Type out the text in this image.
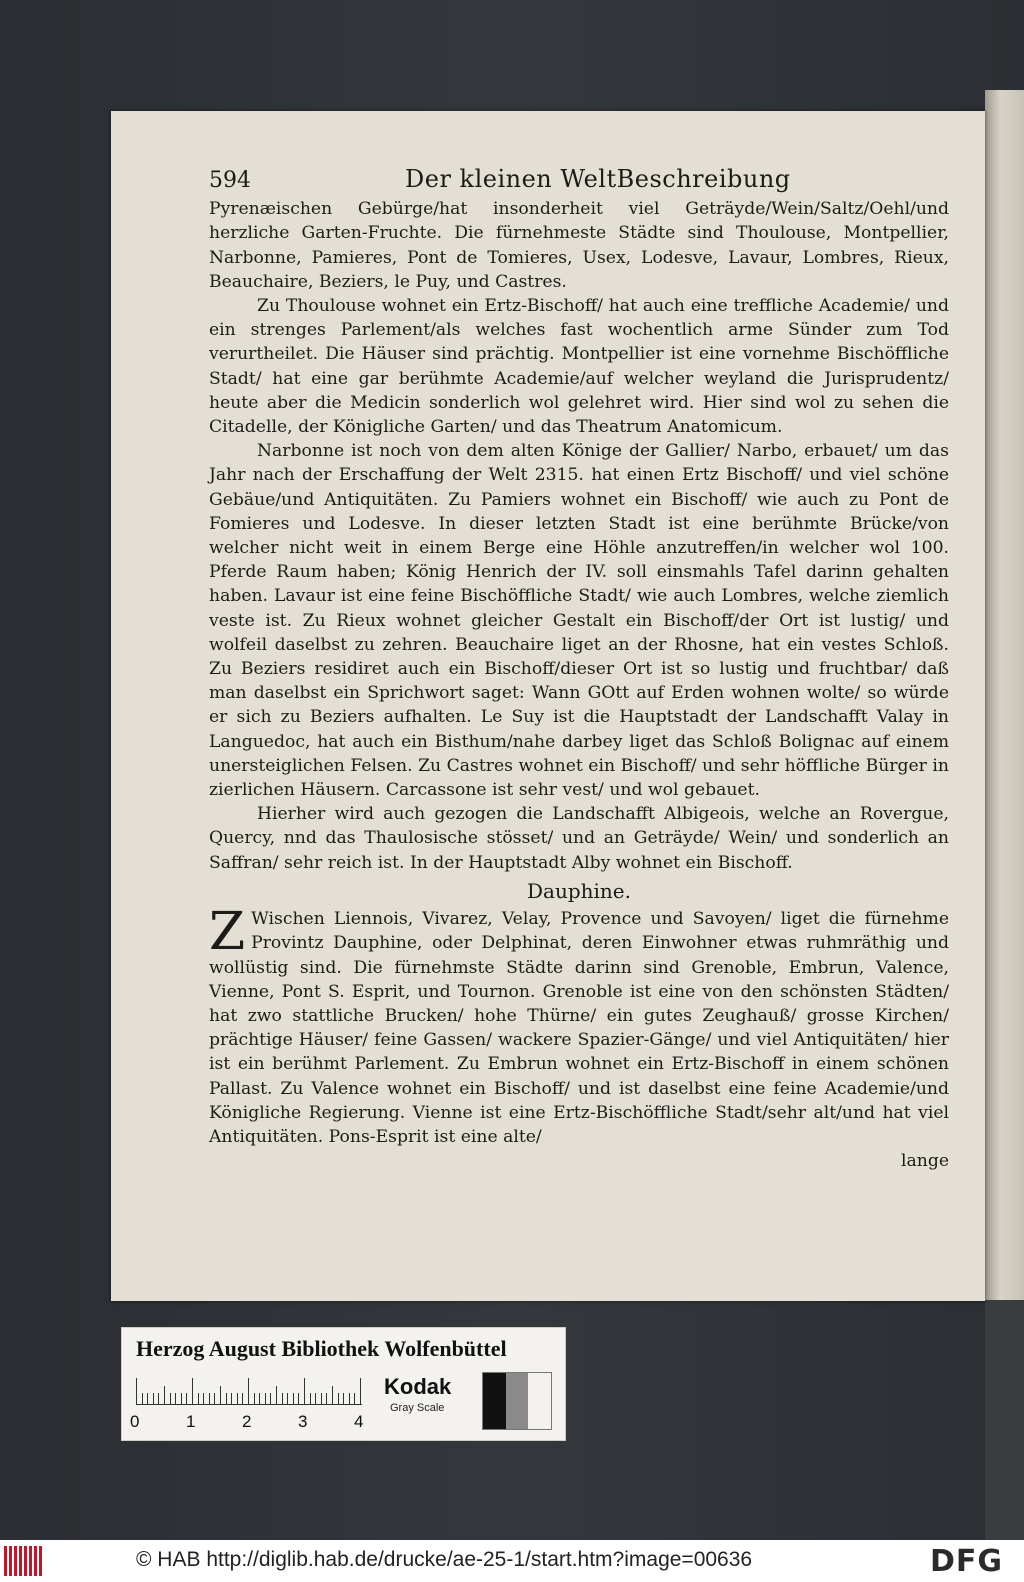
594	Der kleinen WeltBeschreibung

Pyrenæischen Gebürge/hat insonderheit viel Geträyde/Wein/Saltz/Oehl/und herzliche Garten-Fruchte. Die fürnehmeste Städte sind Thoulouse, Montpellier, Narbonne, Pamieres, Pont de Tomieres, Usex, Lodesve, Lavaur, Lombres, Rieux, Beauchaire, Beziers, le Puy, und Castres.

Zu Thoulouse wohnet ein Ertz-Bischoff/ hat auch eine treffliche Academie/ und ein strenges Parlement/als welches fast wochentlich arme Sünder zum Tod verurtheilet. Die Häuser sind prächtig. Montpellier ist eine vornehme Bischöffliche Stadt/ hat eine gar berühmte Academie/auf welcher weyland die Jurisprudentz/ heute aber die Medicin sonderlich wol gelehret wird. Hier sind wol zu sehen die Citadelle, der Königliche Garten/ und das Theatrum Anatomicum.

Narbonne ist noch von dem alten Könige der Gallier/ Narbo, erbauet/ um das Jahr nach der Erschaffung der Welt 2315. hat einen Ertz Bischoff/ und viel schöne Gebäue/und Antiquitäten. Zu Pamiers wohnet ein Bischoff/ wie auch zu Pont de Fomieres und Lodesve. In dieser letzten Stadt ist eine berühmte Brücke/von welcher nicht weit in einem Berge eine Höhle anzutreffen/in welcher wol 100. Pferde Raum haben; König Henrich der IV. soll einsmahls Tafel darinn gehalten haben. Lavaur ist eine feine Bischöffliche Stadt/ wie auch Lombres, welche ziemlich veste ist. Zu Rieux wohnet gleicher Gestalt ein Bischoff/der Ort ist lustig/ und wolfeil daselbst zu zehren. Beauchaire liget an der Rhosne, hat ein vestes Schloß. Zu Beziers residiret auch ein Bischoff/dieser Ort ist so lustig und fruchtbar/ daß man daselbst ein Sprichwort saget: Wann GOtt auf Erden wohnen wolte/ so würde er sich zu Beziers aufhalten. Le Suy ist die Hauptstadt der Landschafft Valay in Languedoc, hat auch ein Bisthum/nahe darbey liget das Schloß Bolignac auf einem unersteiglichen Felsen. Zu Castres wohnet ein Bischoff/ und sehr höffliche Bürger in zierlichen Häusern. Carcassone ist sehr vest/ und wol gebauet.

Hierher wird auch gezogen die Landschafft Albigeois, welche an Rovergue, Quercy, nnd das Thaulosische stösset/ und an Geträyde/ Wein/ und sonderlich an Saffran/ sehr reich ist. In der Hauptstadt Alby wohnet ein Bischoff.

Dauphine.

Z Wischen Liennois, Vivarez, Velay, Provence und Savoyen/ liget die fürnehme Provintz Dauphine, oder Delphinat, deren Einwohner etwas ruhmräthig und wollüstig sind. Die fürnehmste Städte darinn sind Grenoble, Embrun, Valence, Vienne, Pont S. Esprit, und Tournon. Grenoble ist eine von den schönsten Städten/ hat zwo stattliche Brucken/ hohe Thürne/ ein gutes Zeughauß/ grosse Kirchen/ prächtige Häuser/ feine Gassen/ wackere Spazier-Gänge/ und viel Antiquitäten/ hier ist ein berühmt Parlement. Zu Embrun wohnet ein Ertz-Bischoff in einem schönen Pallast. Zu Valence wohnet ein Bischoff/ und ist daselbst eine feine Academie/und Königliche Regierung. Vienne ist eine Ertz-Bischöffliche Stadt/sehr alt/und hat viel Antiquitäten. Pons-Esprit ist eine alte/

lange

Herzog August Bibliothek Wolfenbüttel
0	1	2	3	4
Kodak
Gray Scale
© HAB http://diglib.hab.de/drucke/ae-25-1/start.htm?image=00636	DFG
